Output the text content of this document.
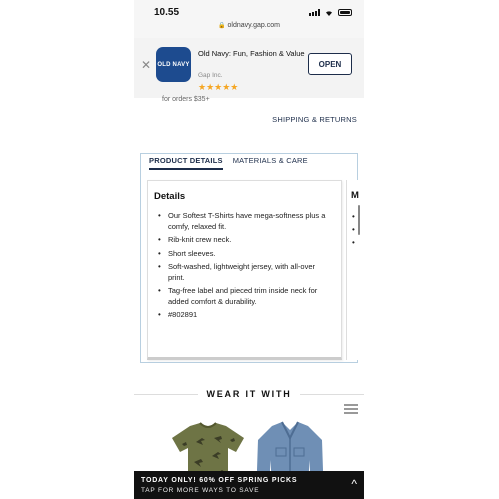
10.55
🔒 oldnavy.gap.com
✕ OLD NAVY
Old Navy: Fun, Fashion & Value
Gap Inc.
★★★★★
OPEN
for orders $35+
SHIPPING & RETURNS
PRODUCT DETAILS MATERIALS & CARE
Details
• Our Softest T-Shirts have mega-softness plus a comfy, relaxed fit.
• Rib-knit crew neck.
• Short sleeves.
• Soft-washed, lightweight jersey, with all-over print.
• Tag-free label and pieced trim inside neck for added comfort & durability.
• #802891
M
•
•
•
WEAR IT WITH
TODAY ONLY! 60% OFF SPRING PICKS
TAP FOR MORE WAYS TO SAVE	^
